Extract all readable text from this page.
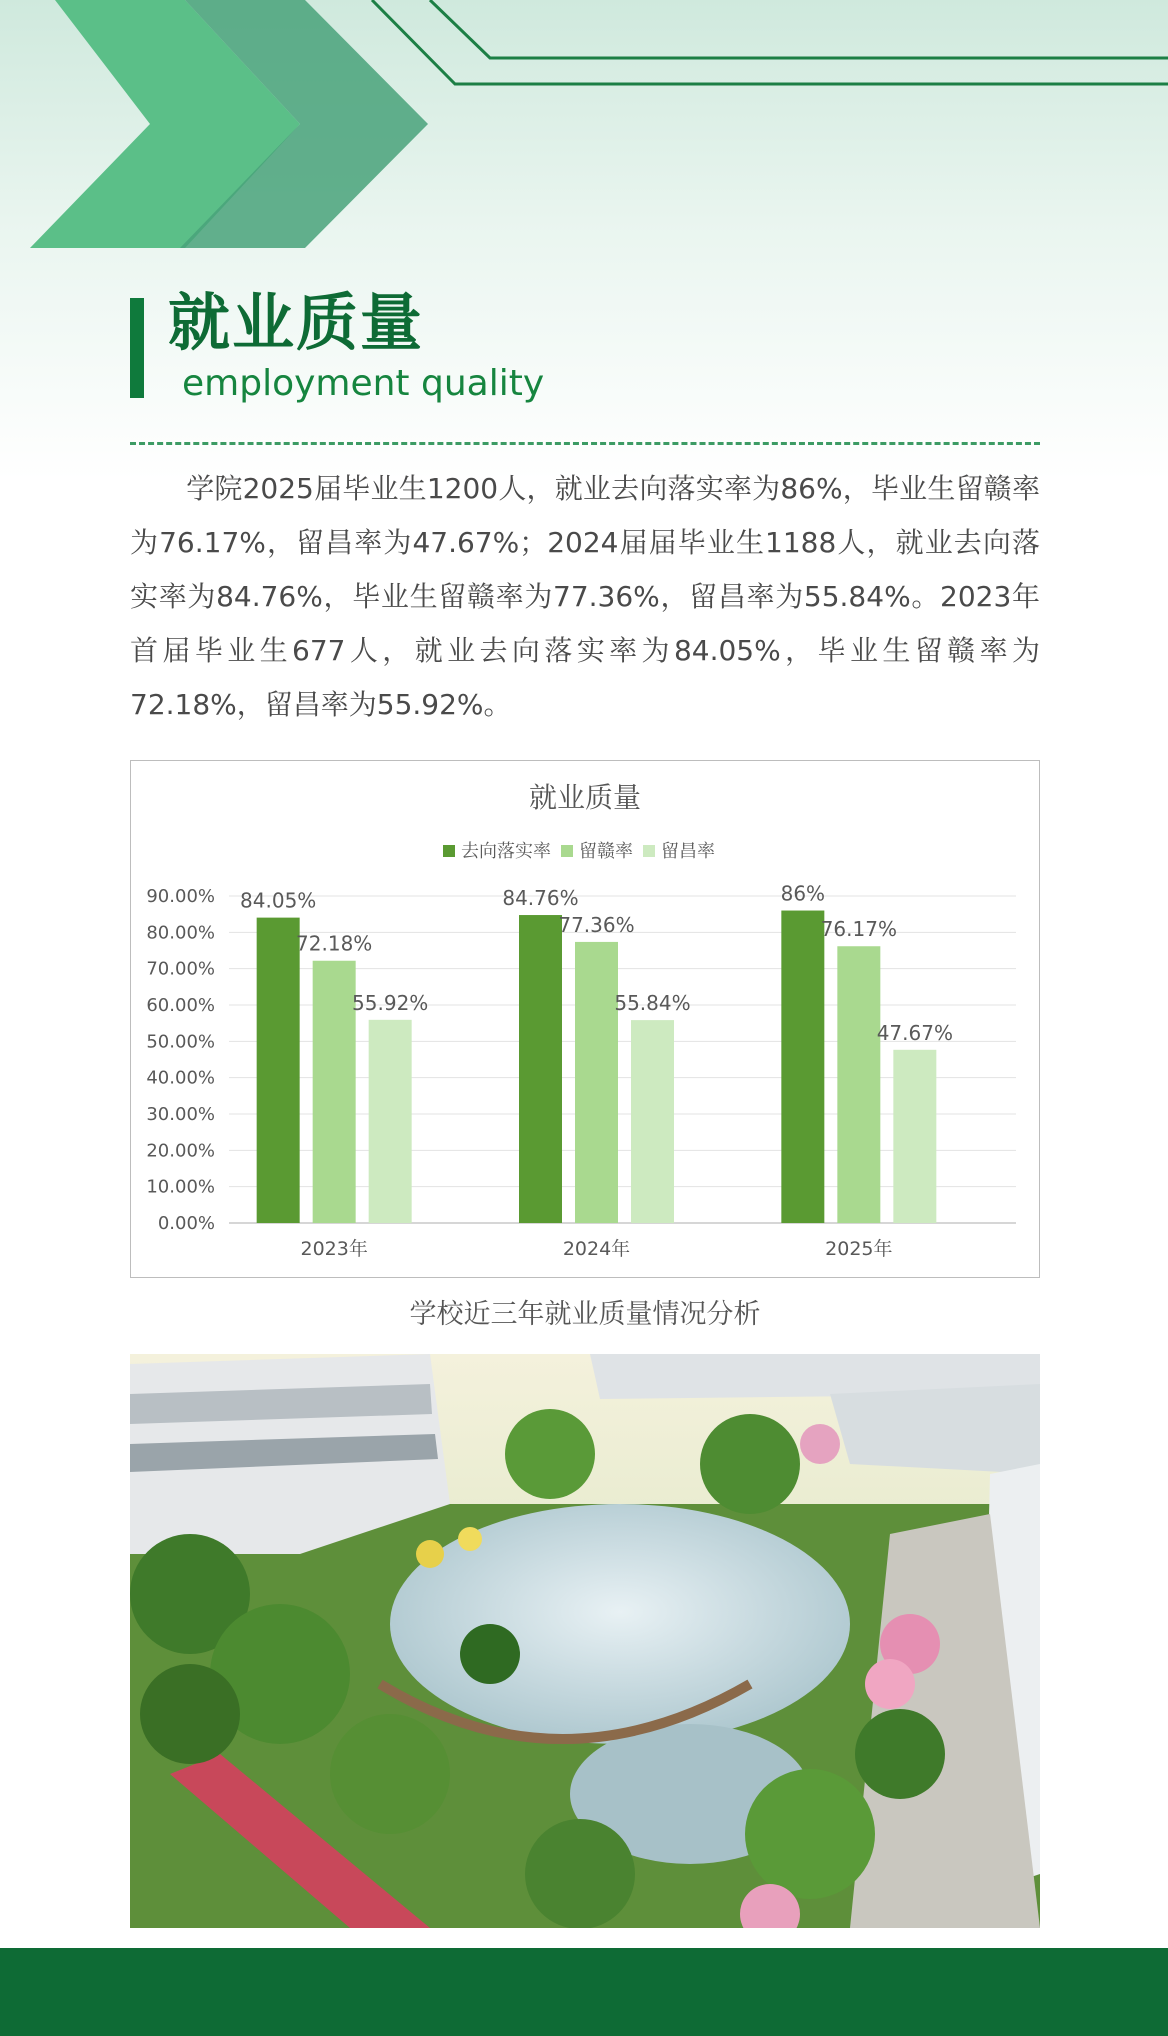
就业质量
employment quality
学院2025届毕业生1200人，就业去向落实率为86%，毕业生留赣率为76.17%，留昌率为47.67%；2024届届毕业生1188人，就业去向落实率为84.76%，毕业生留赣率为77.36%，留昌率为55.84%。2023年首届毕业生677人，就业去向落实率为84.05%，毕业生留赣率为72.18%，留昌率为55.92%。
就业质量
去向落实率 留赣率 留昌率
0.00%
10.00%
20.00%
30.00%
40.00%
50.00%
60.00%
70.00%
80.00%
90.00% 84.05%
72.18%
55.92%
2023年
84.76%
77.36%
55.84%
2024年
86%
76.17%
47.67%
2025年
学校近三年就业质量情况分析
